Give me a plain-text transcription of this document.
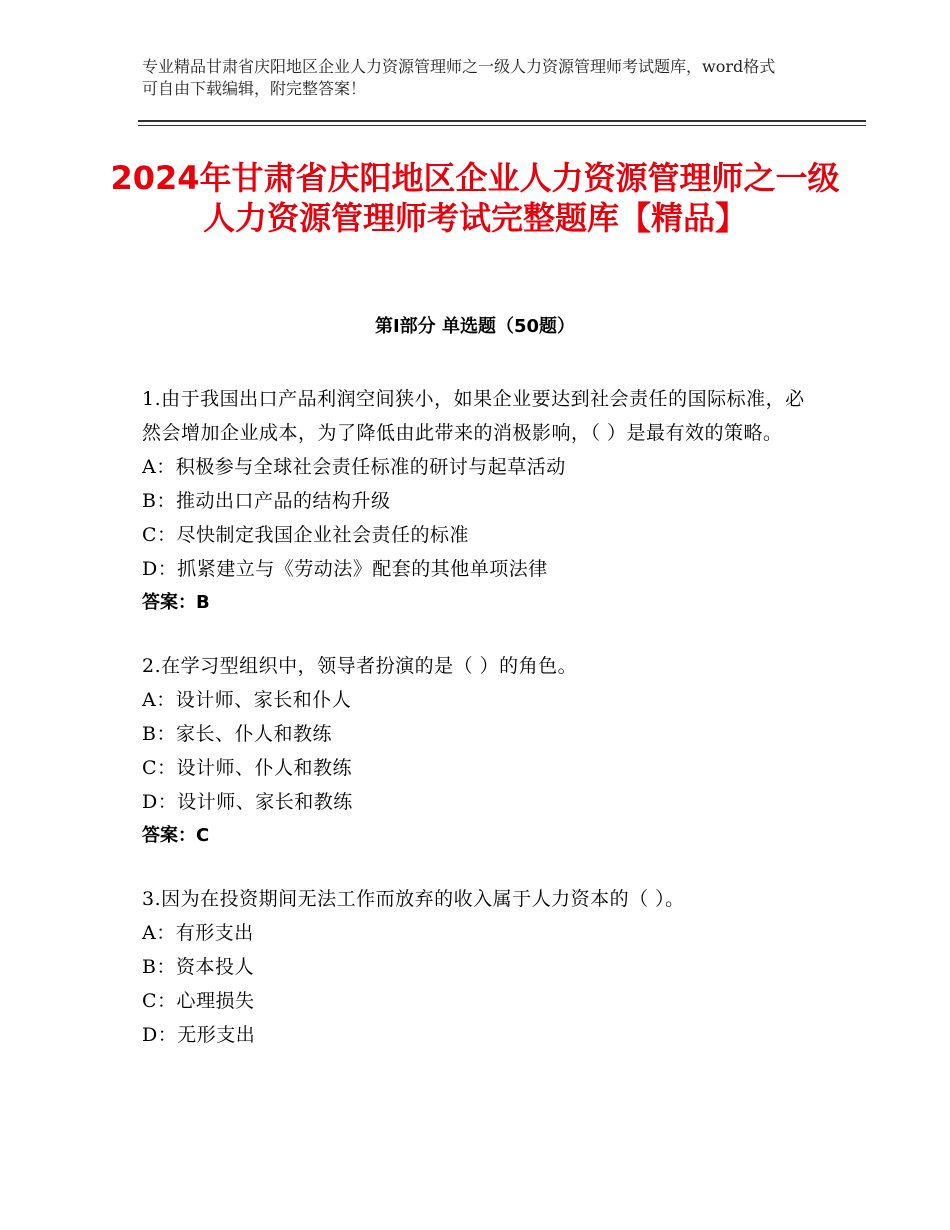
专业精品甘肃省庆阳地区企业人力资源管理师之一级人力资源管理师考试题库，word格式可自由下载编辑，附完整答案！
2024年甘肃省庆阳地区企业人力资源管理师之一级人力资源管理师考试完整题库【精品】
第Ⅰ部分 单选题（50题）
1.由于我国出口产品利润空间狭小，如果企业要达到社会责任的国际标准，必然会增加企业成本，为了降低由此带来的消极影响，（ ）是最有效的策略。
A：积极参与全球社会责任标准的研讨与起草活动
B：推动出口产品的结构升级
C：尽快制定我国企业社会责任的标准
D：抓紧建立与《劳动法》配套的其他单项法律
答案：B
2.在学习型组织中，领导者扮演的是（ ）的角色。
A：设计师、家长和仆人
B：家长、仆人和教练
C：设计师、仆人和教练
D：设计师、家长和教练
答案：C
3.因为在投资期间无法工作而放弃的收入属于人力资本的（ ）。
A：有形支出
B：资本投人
C：心理损失
D：无形支出
